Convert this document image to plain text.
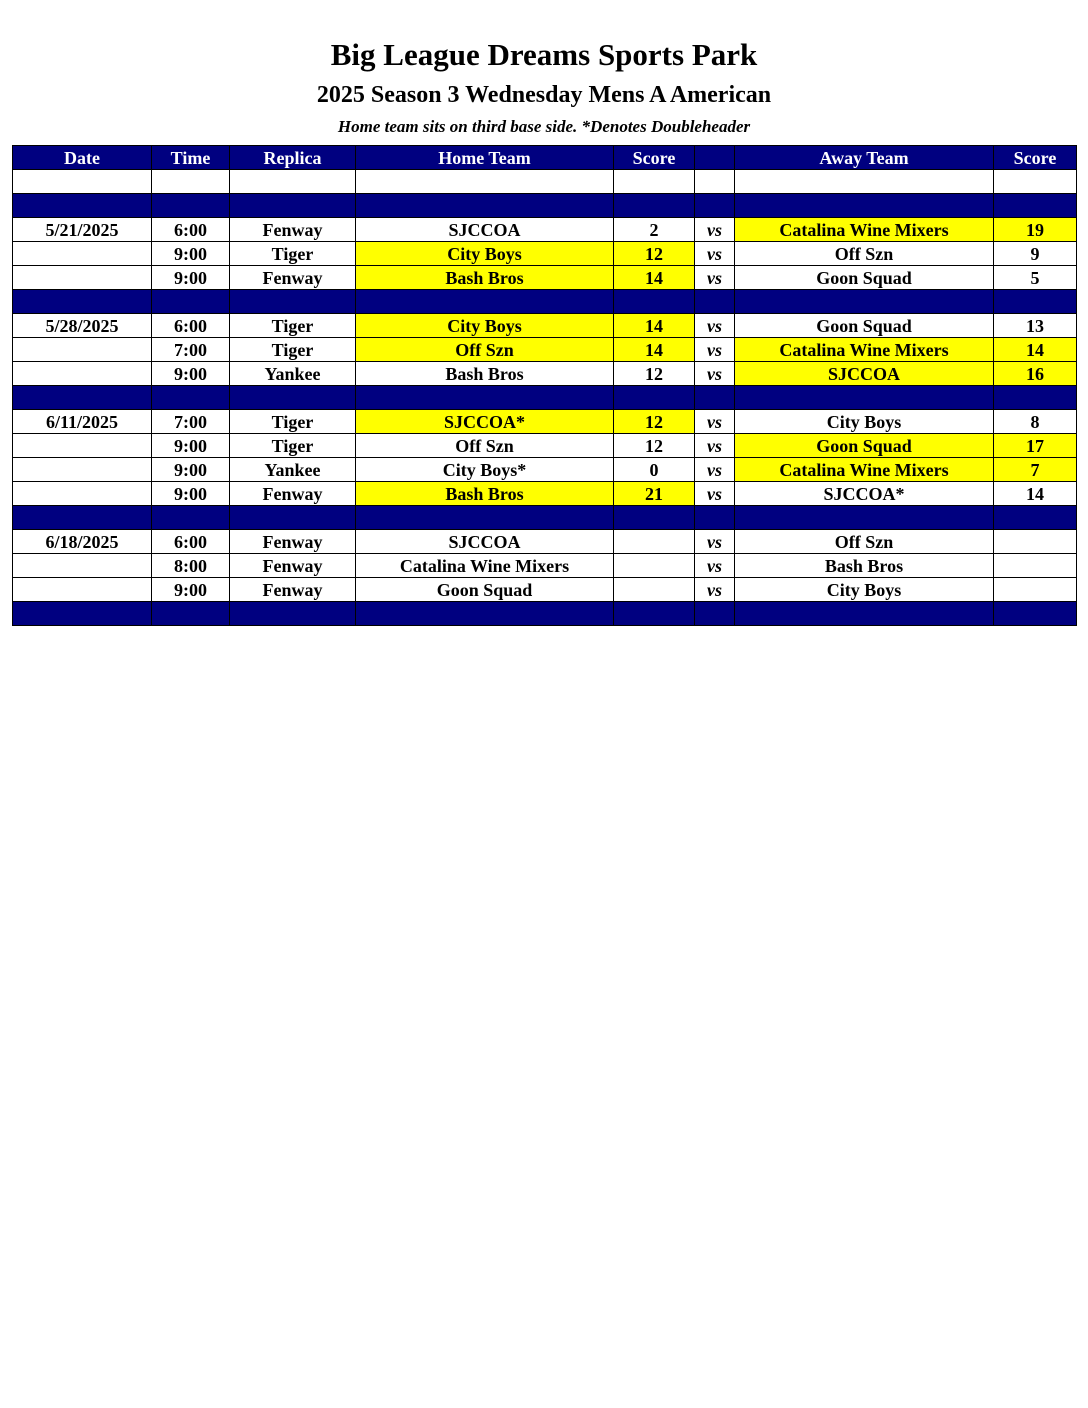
Big League Dreams Sports Park
2025 Season 3 Wednesday Mens A American
Home team sits on third base side. *Denotes Doubleheader
Date	Time	Replica	Home Team	Score		Away Team	Score

5/21/2025	6:00	Fenway	SJCCOA	2	vs	Catalina Wine Mixers	19
	9:00	Tiger	City Boys	12	vs	Off Szn	9
	9:00	Fenway	Bash Bros	14	vs	Goon Squad	5

5/28/2025	6:00	Tiger	City Boys	14	vs	Goon Squad	13
	7:00	Tiger	Off Szn	14	vs	Catalina Wine Mixers	14
	9:00	Yankee	Bash Bros	12	vs	SJCCOA	16

6/11/2025	7:00	Tiger	SJCCOA*	12	vs	City Boys	8
	9:00	Tiger	Off Szn	12	vs	Goon Squad	17
	9:00	Yankee	City Boys*	0	vs	Catalina Wine Mixers	7
	9:00	Fenway	Bash Bros	21	vs	SJCCOA*	14

6/18/2025	6:00	Fenway	SJCCOA		vs	Off Szn	
	8:00	Fenway	Catalina Wine Mixers		vs	Bash Bros	
	9:00	Fenway	Goon Squad		vs	City Boys	
